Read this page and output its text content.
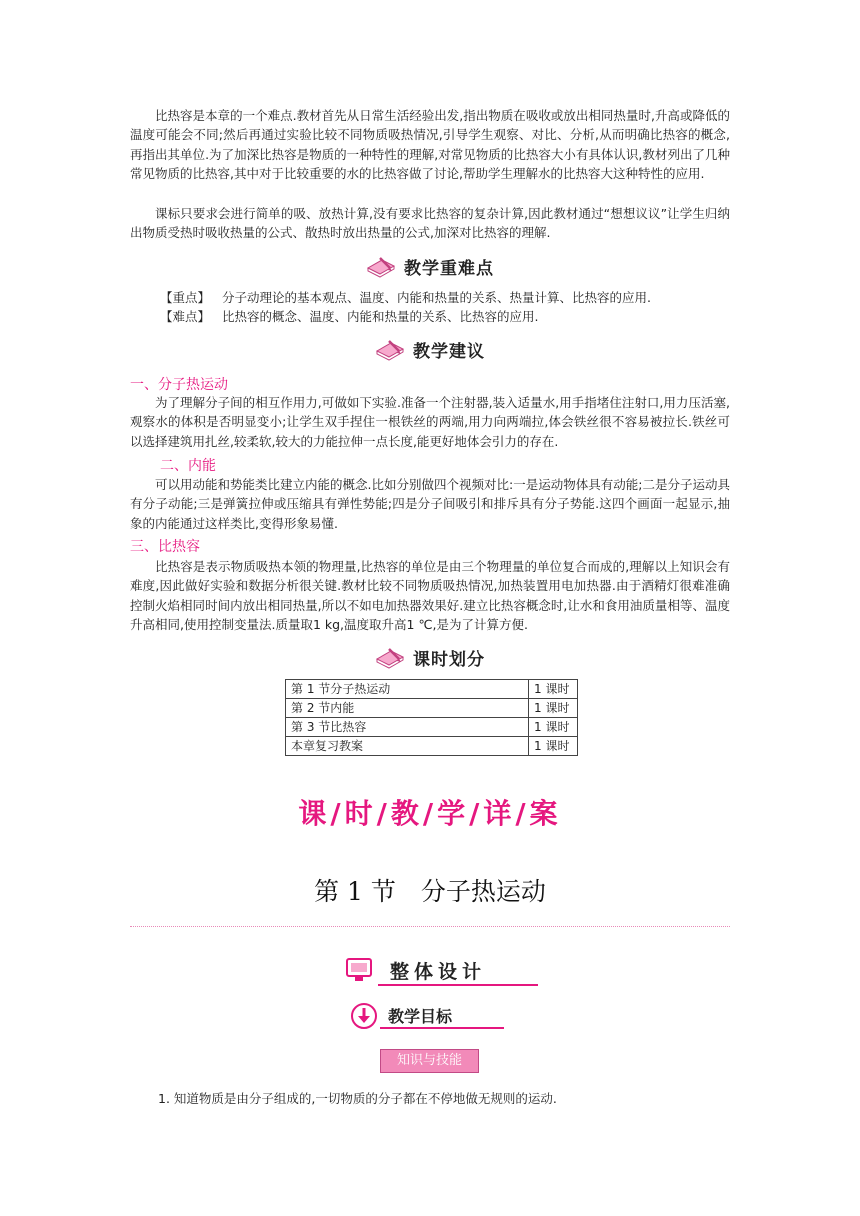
比热容是本章的一个难点.教材首先从日常生活经验出发,指出物质在吸收或放出相同热量时,升高或降低的温度可能会不同;然后再通过实验比较不同物质吸热情况,引导学生观察、对比、分析,从而明确比热容的概念,再指出其单位.为了加深比热容是物质的一种特性的理解,对常见物质的比热容大小有具体认识,教材列出了几种常见物质的比热容,其中对于比较重要的水的比热容做了讨论,帮助学生理解水的比热容大这种特性的应用.

课标只要求会进行简单的吸、放热计算,没有要求比热容的复杂计算,因此教材通过“想想议议”让学生归纳出物质受热时吸收热量的公式、散热时放出热量的公式,加深对比热容的理解.

教学重难点
【重点】 分子动理论的基本观点、温度、内能和热量的关系、热量计算、比热容的应用.
【难点】 比热容的概念、温度、内能和热量的关系、比热容的应用.
教学建议
一、分子热运动

为了理解分子间的相互作用力,可做如下实验.准备一个注射器,装入适量水,用手指堵住注射口,用力压活塞,观察水的体积是否明显变小;让学生双手捏住一根铁丝的两端,用力向两端拉,体会铁丝很不容易被拉长.铁丝可以选择建筑用扎丝,较柔软,较大的力能拉伸一点长度,能更好地体会引力的存在.

二、内能

可以用动能和势能类比建立内能的概念.比如分别做四个视频对比:一是运动物体具有动能;二是分子运动具有分子动能;三是弹簧拉伸或压缩具有弹性势能;四是分子间吸引和排斥具有分子势能.这四个画面一起显示,抽象的内能通过这样类比,变得形象易懂.

三、比热容

比热容是表示物质吸热本领的物理量,比热容的单位是由三个物理量的单位复合而成的,理解以上知识会有难度,因此做好实验和数据分析很关键.教材比较不同物质吸热情况,加热装置用电加热器.由于酒精灯很难准确控制火焰相同时间内放出相同热量,所以不如电加热器效果好.建立比热容概念时,让水和食用油质量相等、温度升高相同,使用控制变量法.质量取1 kg,温度取升高1 ℃,是为了计算方便.

课时划分
第 1 节分子热运动	1 课时
第 2 节内能	1 课时
第 3 节比热容	1 课时
本章复习教案	1 课时
课/时/教/学/详/案
第 1 节　分子热运动
整体设计
教学目标
知识与技能
1. 知道物质是由分子组成的,一切物质的分子都在不停地做无规则的运动.
